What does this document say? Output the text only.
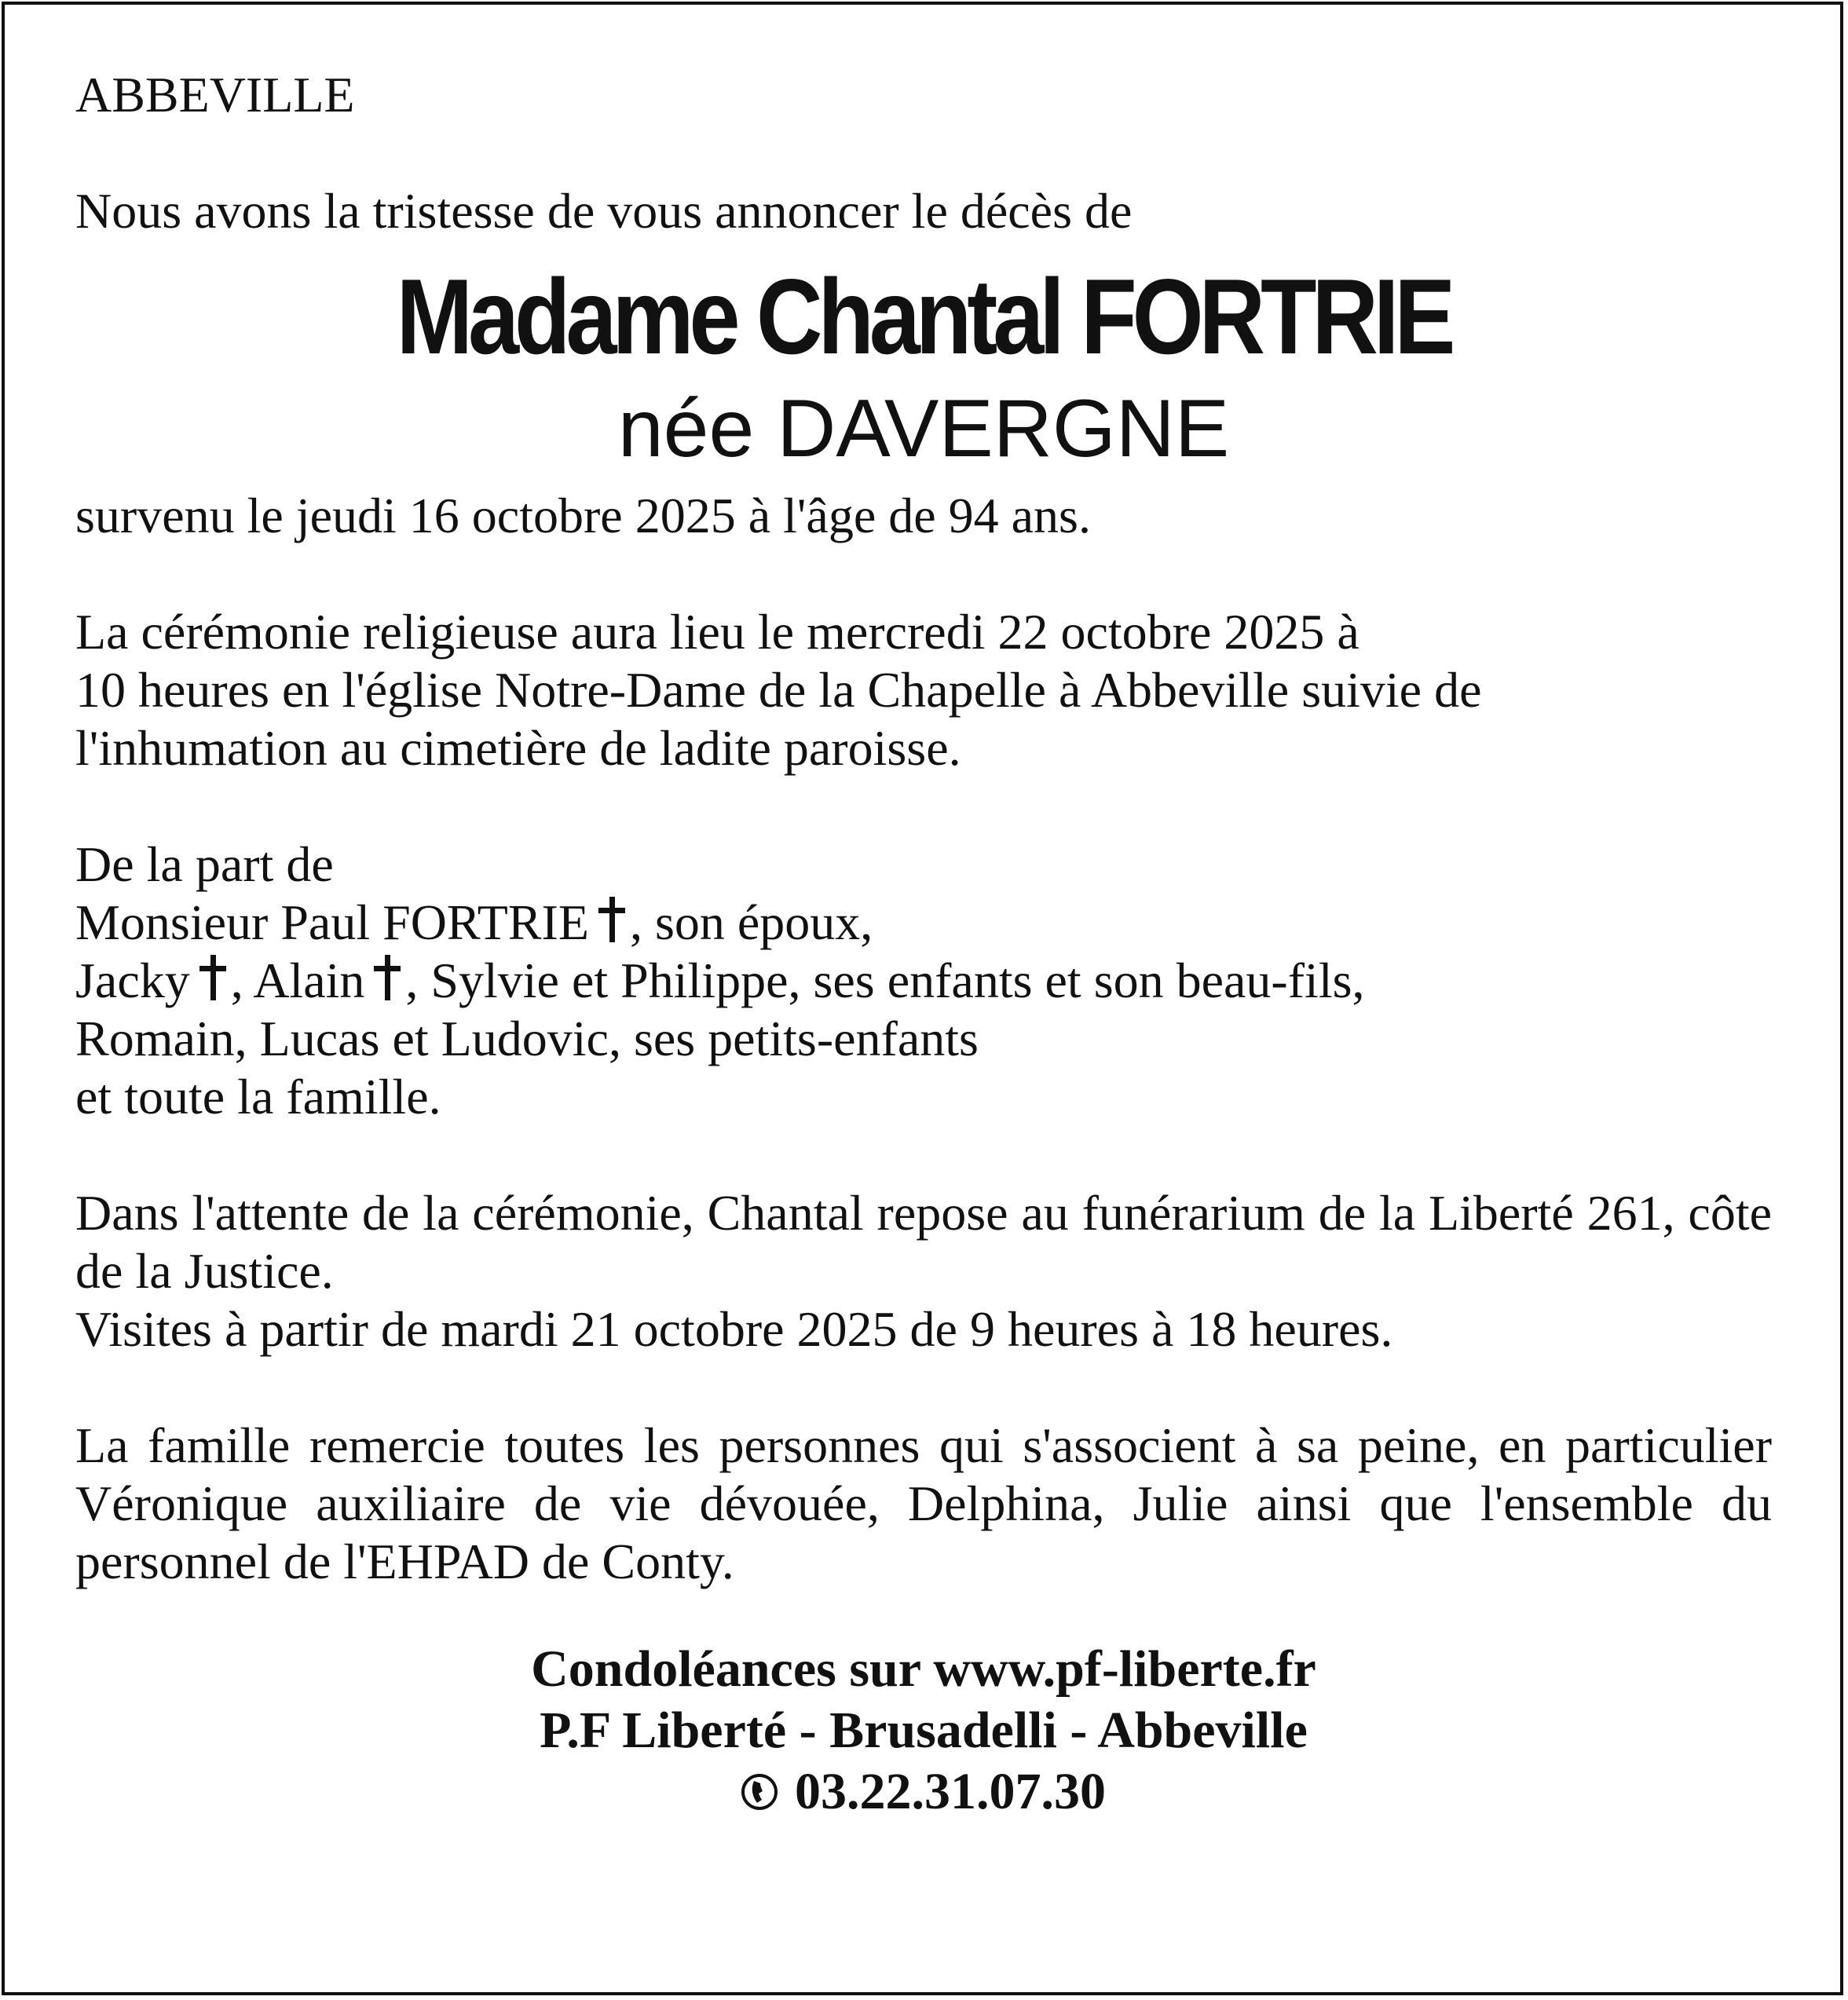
ABBEVILLE
Nous avons la tristesse de vous annoncer le décès de
Madame Chantal FORTRIE
née DAVERGNE
survenu le jeudi 16 octobre 2025 à l'âge de 94 ans.
La cérémonie religieuse aura lieu le mercredi 22 octobre 2025 à
10 heures en l'église Notre-Dame de la Chapelle à Abbeville suivie de
l'inhumation au cimetière de ladite paroisse.
De la part de
Monsieur Paul FORTRIE , son époux,
Jacky , Alain , Sylvie et Philippe, ses enfants et son beau-fils,
Romain, Lucas et Ludovic, ses petits-enfants
et toute la famille.
Dans l'attente de la cérémonie, Chantal repose au funérarium de la Liberté 261, côte de la Justice.
Visites à partir de mardi 21 octobre 2025 de 9 heures à 18 heures.
La famille remercie toutes les personnes qui s'associent à sa peine, en particulier Véronique auxiliaire de vie dévouée, Delphina, Julie ainsi que l'ensemble du personnel de l'EHPAD de Conty.
Condoléances sur www.pf-liberte.fr
P.F Liberté - Brusadelli - Abbeville
03.22.31.07.30
